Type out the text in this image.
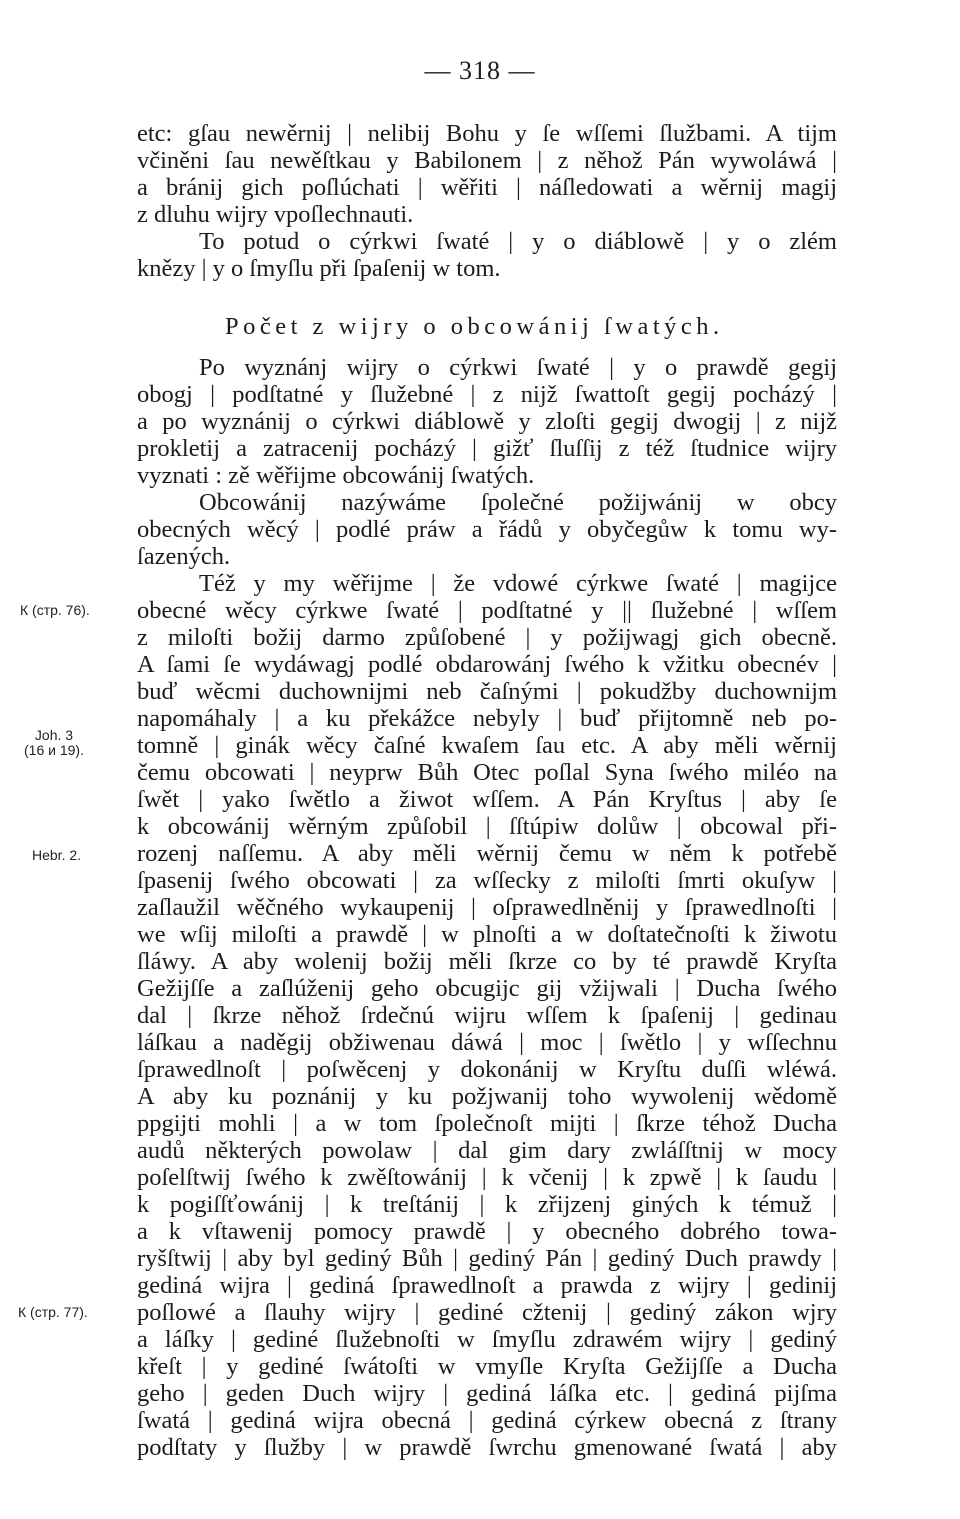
— 318 —
Počet z wijry o obcowánij ſwatých.
etc: gſau newěrnij | nelibij Bohu y ſe wſſemi ſlužbami. A tijm
včiněni ſau newěſtkau y Babilonem | z něhož Pán wywoláwá |
a bránij gich poſlúchati | wěřiti | náſledowati a wěrnij magij
z dluhu wijry vpoſlechnauti.
To potud o cýrkwi ſwaté | y o diáblowě | y o zlém
knězy | y o ſmyſlu při ſpaſenij w tom.
Po wyznánj wijry o cýrkwi ſwaté | y o prawdě gegij
obogj | podſtatné y ſlužebné | z nijž ſwattoſt gegij pocházý |
a po wyznánij o cýrkwi diáblowě y zloſti gegij dwogij | z nijž
prokletij a zatracenij pocházý | gižť ſluſſij z též ſtudnice wijry
vyznati : zě wěřijme obcowánij ſwatých.
Obcowánij nazýwáme ſpolečné požijwánij w obcy
obecných wěcý | podlé práw a řádů y obyčegůw k tomu wy-
ſazených.
Též y my wěřijme | že vdowé cýrkwe ſwaté | magijce
obecné wěcy cýrkwe ſwaté | podſtatné y || ſlužebné | wſſem
z miloſti božij darmo způſobené | y požijwagj gich obecně.
A ſami ſe wydáwagj podlé obdarowánj ſwého k vžitku obecnév |
buď wěcmi duchownijmi neb čaſnými | pokudžby duchownijm
napomáhaly | a ku překážce nebyly | buď přijtomně neb po-
tomně | ginák wěcy čaſné kwaſem ſau etc. A aby měli wěrnij
čemu obcowati | neyprw Bůh Otec poſlal Syna ſwého miléo na
ſwět | yako ſwětlo a žiwot wſſem. A Pán Kryſtus | aby ſe
k obcowánij wěrným způſobil | ſſtúpiw dolůw | obcowal při-
rozenj naſſemu. A aby měli wěrnij čemu w něm k potřebě
ſpasenij ſwého obcowati | za wſſecky z miloſti ſmrti okuſyw |
zaſlaužil wěčného wykaupenij | oſprawedlněnij y ſprawedlnoſti |
we wſij miloſti a prawdě | w plnoſti a w doſtatečnoſti k žiwotu
ſláwy. A aby wolenij božij měli ſkrze co by té prawdě Kryſta
Gežijſſe a zaſlúženij geho obcugijc gij vžijwali | Ducha ſwého
dal | ſkrze něhož ſrdečnú wijru wſſem k ſpaſenij | gedinau
láſkau a naděgij obžiwenau dáwá | moc | ſwětlo | y wſſechnu
ſprawedlnoſt | poſwěcenj y dokonánij w Kryſtu duſſi wléwá.
A aby ku poznánij y ku požjwanij toho wywolenij wědomě
ppgijti mohli | a w tom ſpolečnoſt mijti | ſkrze téhož Ducha
audů některých powolaw | dal gim dary zwláſſtnij w mocy
poſelſtwij ſwého k zwěſtowánij | k včenij | k zpwě | k ſaudu |
k pogiſſťowánij | k treſtánij | k zřijzenj giných k témuž |
a k vſtawenij pomocy prawdě | y obecného dobrého towa-
ryšſtwij | aby byl gediný Bůh | gediný Pán | gediný Duch prawdy |
gediná wijra | gediná ſprawedlnoſt a prawda z wijry | gedinij
poſlowé a ſlauhy wijry | gediné cžtenij | gediný zákon wjry
a láſky | gediné ſlužebnoſti w ſmyſlu zdrawém wijry | gediný
křeſt | y gediné ſwátoſti w vmyſle Kryſta Gežijſſe a Ducha
geho | geden Duch wijry | gediná láſka etc. | gediná pijſma
ſwatá | gediná wijra obecná | gediná cýrkew obecná z ſtrany
podſtaty y ſlužby | w prawdě ſwrchu gmenowané ſwatá | aby
К (стр. 76).
Joh. 3
(16 и 19).
Hebr. 2.
К (стр. 77).
